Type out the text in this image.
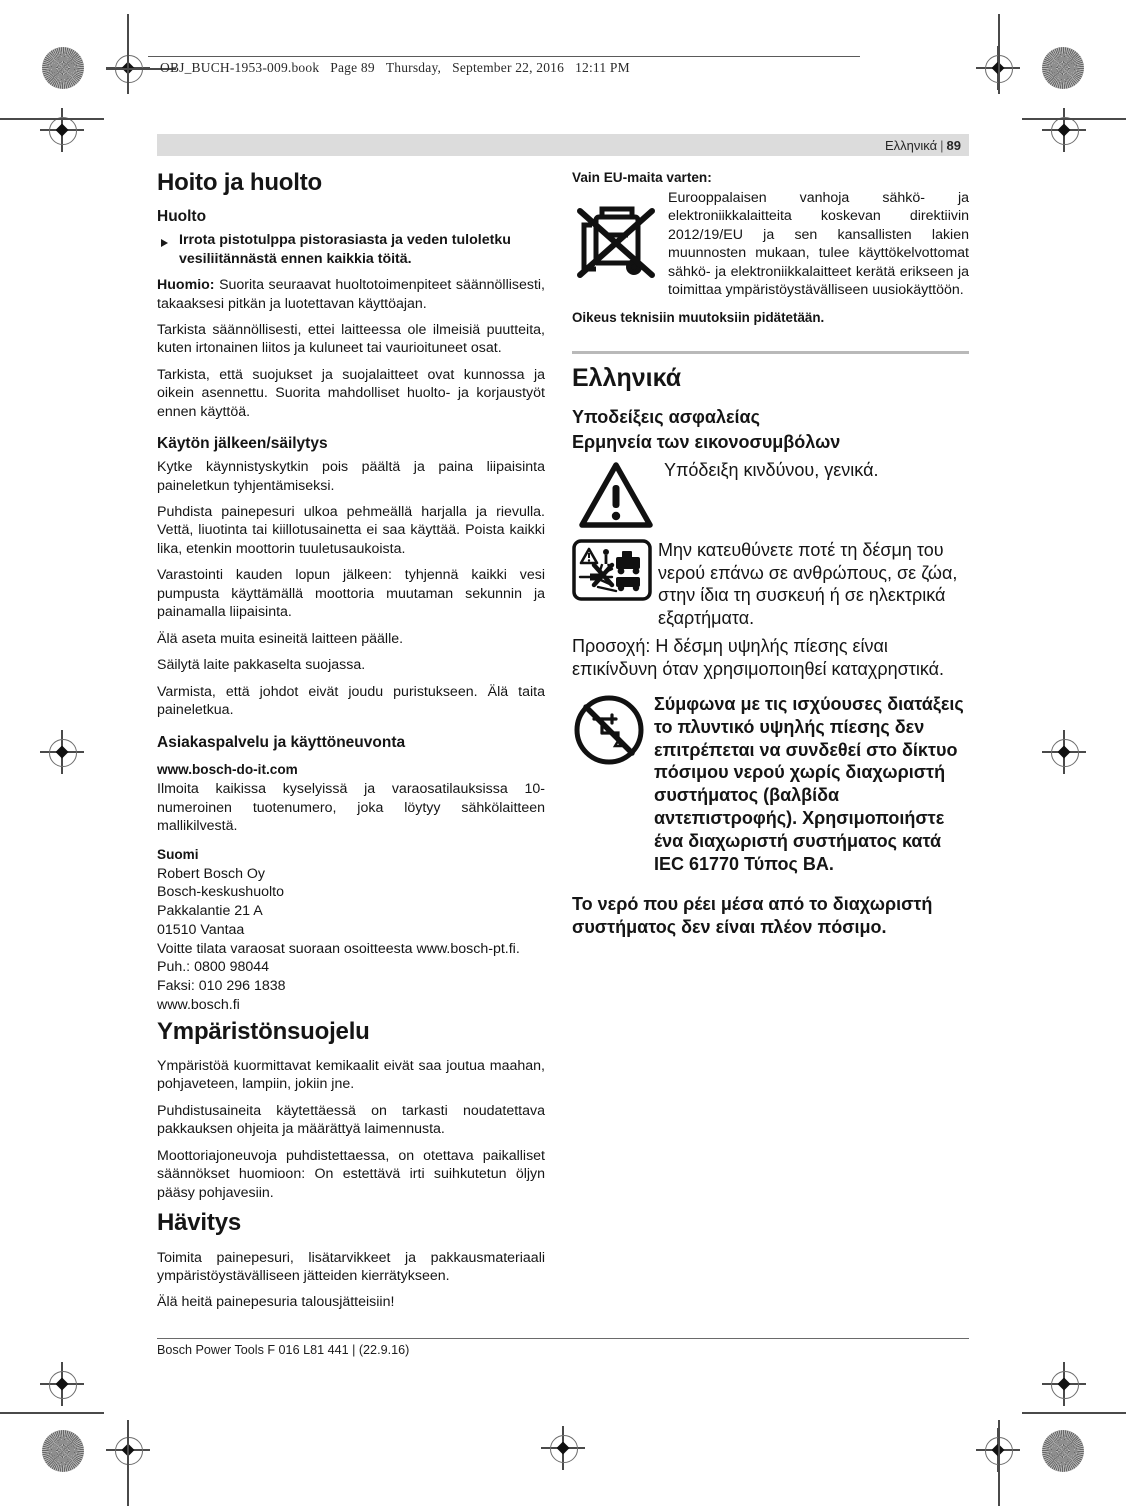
OBJ_BUCH-1953-009.book Page 89 Thursday, September 22, 2016 12:11 PM
Ελληνικά | 89
Hoito ja huolto
Huolto
Irrota pistotulppa pistorasiasta ja veden tuloletku vesiliitännästä ennen kaikkia töitä.

Huomio: Suorita seuraavat huoltotoimenpiteet säännöllisesti, takaaksesi pitkän ja luotettavan käyttöajan.

Tarkista säännöllisesti, ettei laitteessa ole ilmeisiä puutteita, kuten irtonainen liitos ja kuluneet tai vaurioituneet osat.

Tarkista, että suojukset ja suojalaitteet ovat kunnossa ja oikein asennettu. Suorita mahdolliset huolto- ja korjaustyöt ennen käyttöä.

Käytön jälkeen/säilytys

Kytke käynnistyskytkin pois päältä ja paina liipaisinta paineletkun tyhjentämiseksi.

Puhdista painepesuri ulkoa pehmeällä harjalla ja rievulla. Vettä, liuotinta tai kiillotusainetta ei saa käyttää. Poista kaikki lika, etenkin moottorin tuuletusaukoista.

Varastointi kauden lopun jälkeen: tyhjennä kaikki vesi pumpusta käyttämällä moottoria muutaman sekunnin ja painamalla liipaisinta.

Älä aseta muita esineitä laitteen päälle.

Säilytä laite pakkaselta suojassa.

Varmista, että johdot eivät joudu puristukseen. Älä taita paineletkua.

Asiakaspalvelu ja käyttöneuvonta
www.bosch-do-it.com

Ilmoita kaikissa kyselyissä ja varaosatilauksissa 10-numeroinen tuotenumero, joka löytyy sähkölaitteen mallikilvestä.

Suomi
Robert Bosch Oy
Bosch-keskushuolto
Pakkalantie 21 A
01510 Vantaa
Voitte tilata varaosat suoraan osoitteesta www.bosch-pt.fi.
Puh.: 0800 98044
Faksi: 010 296 1838
www.bosch.fi
Ympäristönsuojelu

Ympäristöä kuormittavat kemikaalit eivät saa joutua maahan, pohjaveteen, lampiin, jokiin jne.

Puhdistusaineita käytettäessä on tarkasti noudatettava pakkauksen ohjeita ja määrättyä laimennusta.

Moottoriajoneuvoja puhdistettaessa, on otettava paikalliset säännökset huomioon: On estettävä irti suihkutetun öljyn pääsy pohjavesiin.

Hävitys

Toimita painepesuri, lisätarvikkeet ja pakkausmateriaali ympäristöystävälliseen jätteiden kierrätykseen.

Älä heitä painepesuria talousjätteisiin!

Vain EU-maita varten:
Eurooppalaisen vanhoja sähkö- ja elektroniikkalaitteita koskevan direktiivin 2012/19/EU ja sen kansallisten lakien muunnosten mukaan, tulee käyttökelvottomat sähkö- ja elektroniikkalaitteet kerätä erikseen ja toimittaa ympäristöystävälliseen uusiokäyttöön.
Oikeus teknisiin muutoksiin pidätetään.
Ελληνικά
Υποδείξεις ασφαλείας
Ερμηνεία των εικονοσυμβόλων

Υπόδειξη κινδύνου, γενικά.

Μην κατευθύνετε ποτέ τη δέσμη του νερού επάνω σε ανθρώπους, σε ζώα, στην ίδια τη συσκευή ή σε ηλεκτρικά εξαρτήματα.

Προσοχή: Η δέσμη υψηλής πίεσης είναι επικίνδυνη όταν χρησιμοποιηθεί καταχρηστικά.

Σύμφωνα με τις ισχύουσες διατάξεις το πλυντικό υψηλής πίεσης δεν επιτρέπεται να συνδεθεί στο δίκτυο πόσιμου νερού χωρίς διαχωριστή συστήματος (βαλβίδα αντεπιστροφής). Χρησιμοποιήστε ένα διαχωριστή συστήματος κατά IEC 61770 Τύπος BA.

Το νερό που ρέει μέσα από το διαχωριστή συστήματος δεν είναι πλέον πόσιμο.

Bosch Power Tools F 016 L81 441 | (22.9.16)
